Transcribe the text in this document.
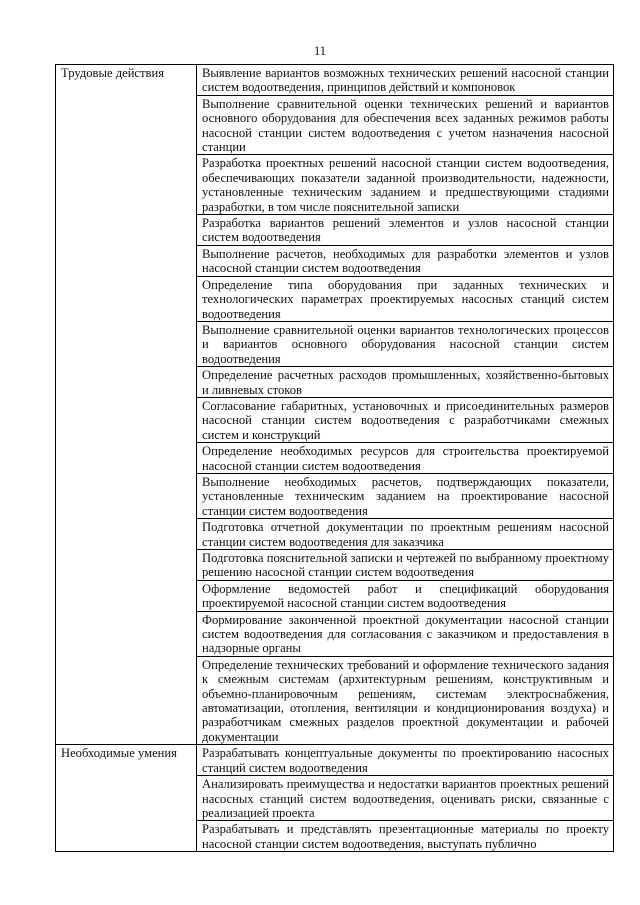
11
Трудовые действия	Выявление вариантов возможных технических решений насосной станции систем водоотведения, принципов действий и компоновок
	Выполнение сравнительной оценки технических решений и вариантов основного оборудования для обеспечения всех заданных режимов работы насосной станции систем водоотведения с учетом назначения насосной станции
	Разработка проектных решений насосной станции систем водоотведения, обеспечивающих показатели заданной производительности, надежности, установленные техническим заданием и предшествующими стадиями разработки, в том числе пояснительной записки
	Разработка вариантов решений элементов и узлов насосной станции систем водоотведения
	Выполнение расчетов, необходимых для разработки элементов и узлов насосной станции систем водоотведения
	Определение типа оборудования при заданных технических и технологических параметрах проектируемых насосных станций систем водоотведения
	Выполнение сравнительной оценки вариантов технологических процессов и вариантов основного оборудования насосной станции систем водоотведения
	Определение расчетных расходов промышленных, хозяйственно-бытовых и ливневых стоков
	Согласование габаритных, установочных и присоединительных размеров насосной станции систем водоотведения с разработчиками смежных систем и конструкций
	Определение необходимых ресурсов для строительства проектируемой насосной станции систем водоотведения
	Выполнение необходимых расчетов, подтверждающих показатели, установленные техническим заданием на проектирование насосной станции систем водоотведения
	Подготовка отчетной документации по проектным решениям насосной станции систем водоотведения для заказчика
	Подготовка пояснительной записки и чертежей по выбранному проектному решению насосной станции систем водоотведения
	Оформление ведомостей работ и спецификаций оборудования проектируемой насосной станции систем водоотведения
	Формирование законченной проектной документации насосной станции систем водоотведения для согласования с заказчиком и предоставления в надзорные органы
	Определение технических требований и оформление технического задания к смежным системам (архитектурным решениям, конструктивным и объемно-планировочным решениям, системам электроснабжения, автоматизации, отопления, вентиляции и кондиционирования воздуха) и разработчикам смежных разделов проектной документации и рабочей документации
Необходимые умения	Разрабатывать концептуальные документы по проектированию насосных станций систем водоотведения
	Анализировать преимущества и недостатки вариантов проектных решений насосных станций систем водоотведения, оценивать риски, связанные с реализацией проекта
	Разрабатывать и представлять презентационные материалы по проекту насосной станции систем водоотведения, выступать публично
